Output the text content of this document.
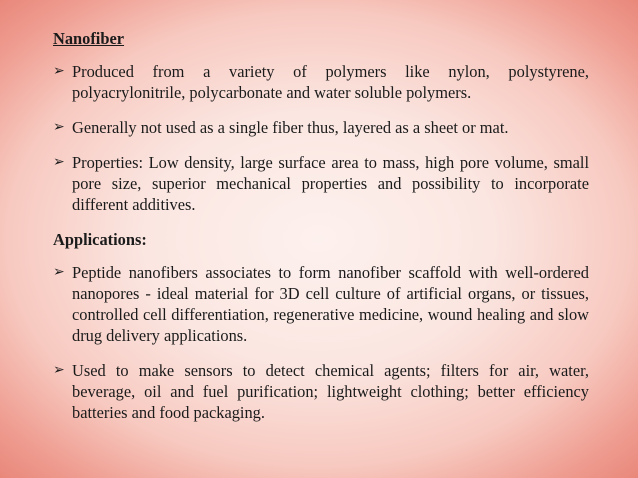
Nanofiber
➢ Produced from a variety of polymers like nylon, polystyrene, polyacrylonitrile, polycarbonate and water soluble polymers.
➢ Generally not used as a single fiber thus, layered as a sheet or mat.
➢ Properties: Low density, large surface area to mass, high pore volume, small pore size, superior mechanical properties and possibility to incorporate different additives.
Applications:
➢ Peptide nanofibers associates to form nanofiber scaffold with well-ordered nanopores - ideal material for 3D cell culture of artificial organs, or tissues, controlled cell differentiation, regenerative medicine, wound healing and slow drug delivery applications.
➢ Used to make sensors to detect chemical agents; filters for air, water, beverage, oil and fuel purification; lightweight clothing; better efficiency batteries and food packaging.
